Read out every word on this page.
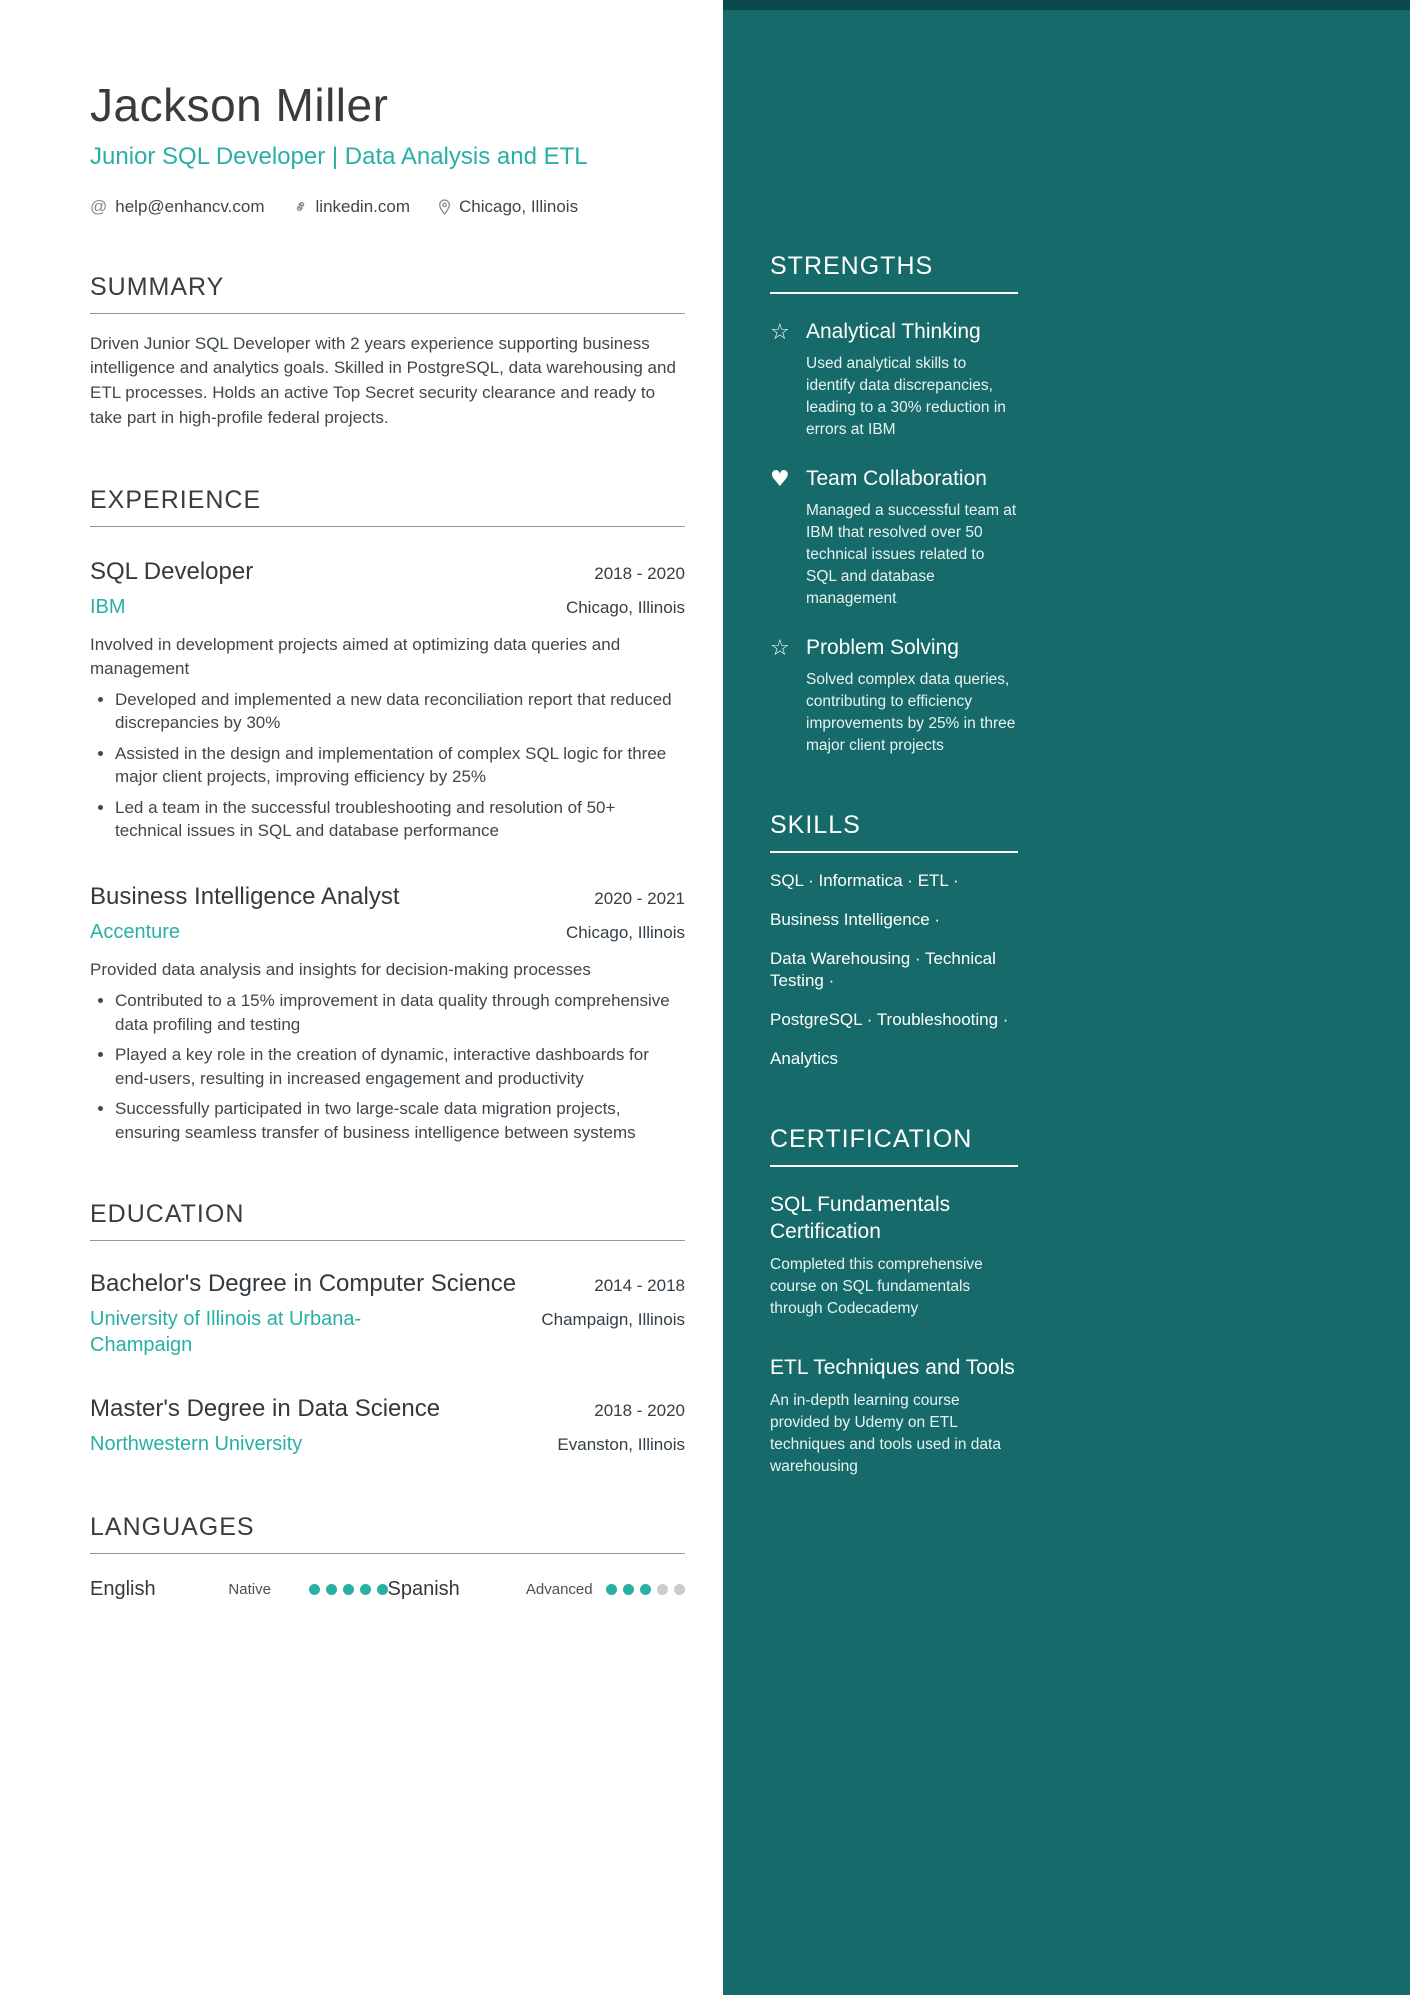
Jackson Miller
Junior SQL Developer | Data Analysis and ETL
@ help@enhancv.com	linkedin.com	Chicago, Illinois
SUMMARY
Driven Junior SQL Developer with 2 years experience supporting business intelligence and analytics goals. Skilled in PostgreSQL, data warehousing and ETL processes. Holds an active Top Secret security clearance and ready to take part in high-profile federal projects.
EXPERIENCE
SQL Developer	2018 - 2020
IBM	Chicago, Illinois
Involved in development projects aimed at optimizing data queries and management
• Developed and implemented a new data reconciliation report that reduced discrepancies by 30%
• Assisted in the design and implementation of complex SQL logic for three major client projects, improving efficiency by 25%
• Led a team in the successful troubleshooting and resolution of 50+ technical issues in SQL and database performance
Business Intelligence Analyst	2020 - 2021
Accenture	Chicago, Illinois
Provided data analysis and insights for decision-making processes
• Contributed to a 15% improvement in data quality through comprehensive data profiling and testing
• Played a key role in the creation of dynamic, interactive dashboards for end-users, resulting in increased engagement and productivity
• Successfully participated in two large-scale data migration projects, ensuring seamless transfer of business intelligence between systems
EDUCATION
Bachelor's Degree in Computer Science	2014 - 2018
University of Illinois at Urbana-Champaign
Champaign, Illinois
Master's Degree in Data Science	2018 - 2020
Northwestern University	Evanston, Illinois
LANGUAGES
English	Native	Spanish	Advanced
STRENGTHS
☆ Analytical Thinking
Used analytical skills to identify data discrepancies, leading to a 30% reduction in errors at IBM
♥ Team Collaboration
Managed a successful team at IBM that resolved over 50 technical issues related to SQL and database management
☆ Problem Solving
Solved complex data queries, contributing to efficiency improvements by 25% in three major client projects
SKILLS
SQL · Informatica · ETL ·
Business Intelligence ·
Data Warehousing · Technical Testing ·
PostgreSQL · Troubleshooting ·
Analytics
CERTIFICATION
SQL Fundamentals Certification
Completed this comprehensive course on SQL fundamentals through Codecademy
ETL Techniques and Tools
An in-depth learning course provided by Udemy on ETL techniques and tools used in data warehousing
